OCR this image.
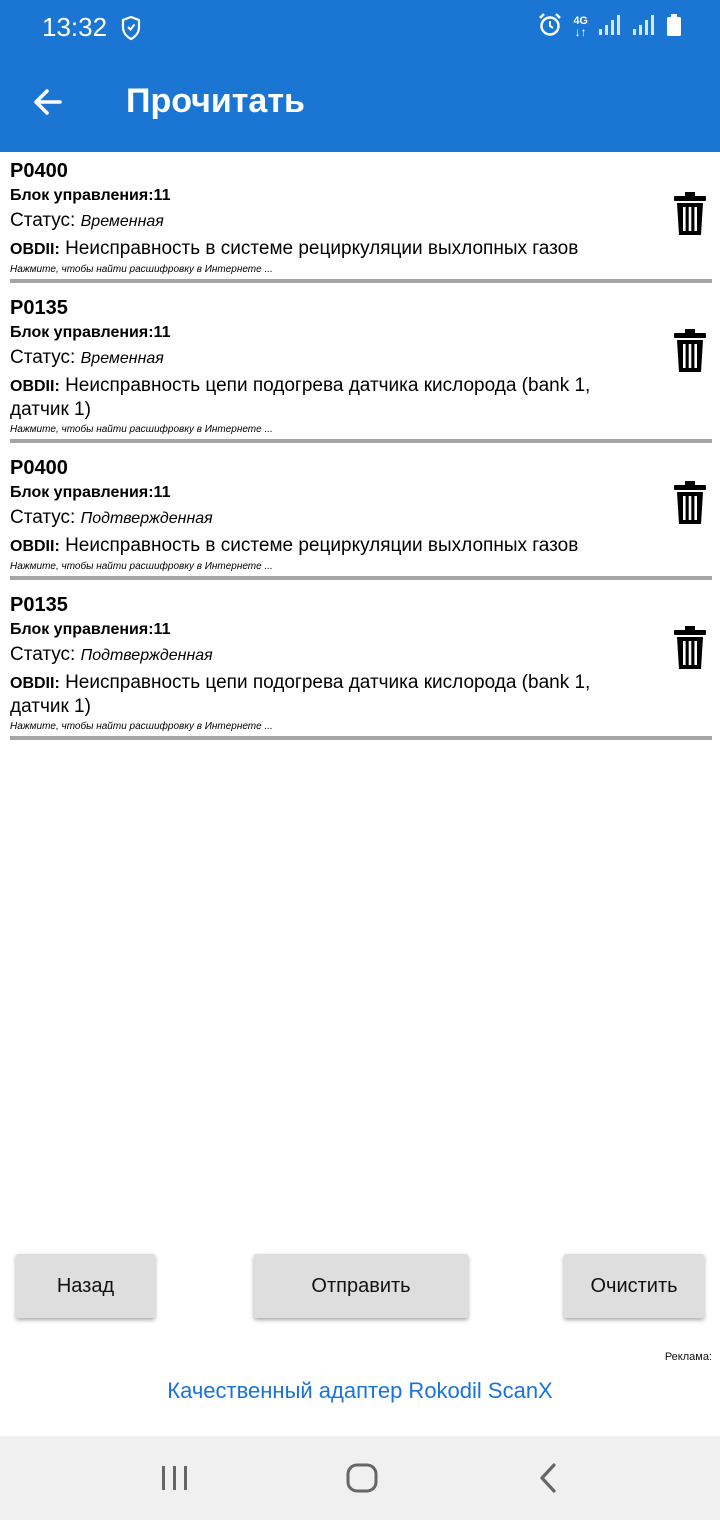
13:32	4G
↓↑
Прочитать
P0400
Блок управления:11
Статус: Временная
OBDII: Неисправность в системе рециркуляции выхлопных газов
Нажмите, чтобы найти расшифровку в Интернете ...
P0135
Блок управления:11
Статус: Временная
OBDII: Неисправность цепи подогрева датчика кислорода (bank 1, датчик 1)
Нажмите, чтобы найти расшифровку в Интернете ...
P0400
Блок управления:11
Статус: Подтвержденная
OBDII: Неисправность в системе рециркуляции выхлопных газов
Нажмите, чтобы найти расшифровку в Интернете ...
P0135
Блок управления:11
Статус: Подтвержденная
OBDII: Неисправность цепи подогрева датчика кислорода (bank 1, датчик 1)
Нажмите, чтобы найти расшифровку в Интернете ...
Назад	Отправить	Очистить
Реклама:
Качественный адаптер Rokodil ScanX
